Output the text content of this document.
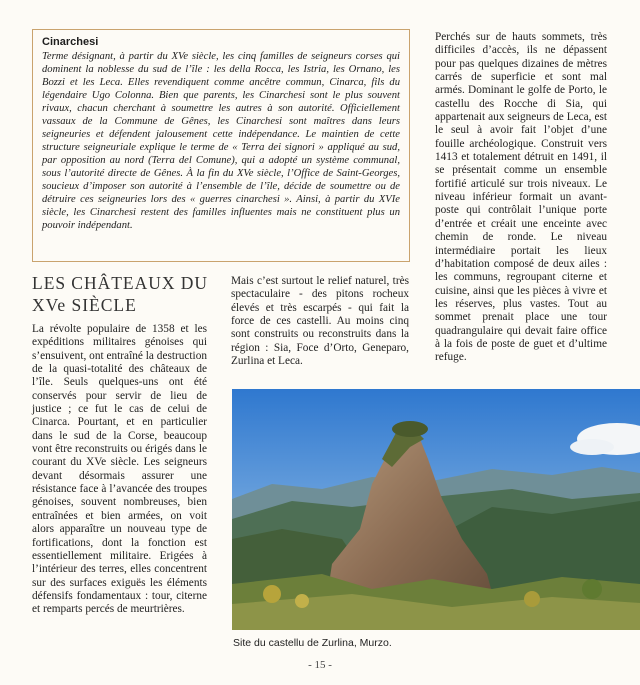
Cinarchesi

Terme désignant, à partir du XVe siècle, les cinq familles de seigneurs corses qui dominent la noblesse du sud de l’île : les della Rocca, les Istria, les Ornano, les Bozzi et les Leca. Elles revendiquent comme ancêtre commun, Cinarca, fils du légendaire Ugo Colonna. Bien que parents, les Cinarchesi sont le plus souvent rivaux, chacun cherchant à soumettre les autres à son autorité. Officiellement vassaux de la Commune de Gênes, les Cinarchesi sont maîtres dans leurs seigneuries et défendent jalousement cette indépendance. Le maintien de cette structure seigneuriale explique le terme de « Terra dei signori » appliqué au sud, par opposition au nord (Terra del Comune), qui a adopté un système communal, sous l’autorité directe de Gênes. À la fin du XVe siècle, l’Office de Saint-Georges, soucieux d’imposer son autorité à l’ensemble de l’île, décide de soumettre ou de détruire ces seigneuries lors des « guerres cinarchesi ». Ainsi, à partir du XVIe siècle, les Cinarchesi restent des familles influentes mais ne constituent plus un pouvoir indépendant.

LES CHÂTEAUX DU
XVe SIÈCLE

La révolte populaire de 1358 et les expéditions militaires génoises qui s’ensuivent, ont entraîné la destruction de la quasi-totalité des châteaux de l’île. Seuls quelques-uns ont été conservés pour servir de lieu de justice ; ce fut le cas de celui de Cinarca. Pourtant, et en particulier dans le sud de la Corse, beaucoup vont être reconstruits ou érigés dans le courant du XVe siècle. Les seigneurs devant désormais assurer une résistance face à l’avancée des troupes génoises, souvent nombreuses, bien entraînées et bien armées, on voit alors apparaître un nouveau type de fortifications, dont la fonction est essentiellement militaire. Erigées à l’intérieur des terres, elles concentrent sur des surfaces exiguës les éléments défensifs fondamentaux : tour, citerne et remparts percés de meurtrières.

Mais c’est surtout le relief naturel, très spectaculaire - des pitons rocheux élevés et très escarpés - qui fait la force de ces castelli. Au moins cinq sont construits ou reconstruits dans la région : Sia, Foce d’Orto, Geneparo, Zurlina et Leca.

Perchés sur de hauts sommets, très difficiles d’accès, ils ne dépassent pour pas quelques dizaines de mètres carrés de superficie et sont mal armés. Dominant le golfe de Porto, le castellu des Rocche di Sia, qui appartenait aux seigneurs de Leca, est le seul à avoir fait l’objet d’une fouille archéologique. Construit vers 1413 et totalement détruit en 1491, il se présentait comme un ensemble fortifié articulé sur trois niveaux. Le niveau inférieur formait un avant-poste qui contrôlait l’unique porte d’entrée et créait une enceinte avec chemin de ronde. Le niveau intermédiaire portait les lieux d’habitation composé de deux ailes : les communs, regroupant citerne et cuisine, ainsi que les pièces à vivre et les réserves, plus vastes. Tout au sommet prenait place une tour quadrangulaire qui devait faire office à la fois de poste de guet et d’ultime refuge.

Site du castellu de Zurlina, Murzo.
- 15 -
